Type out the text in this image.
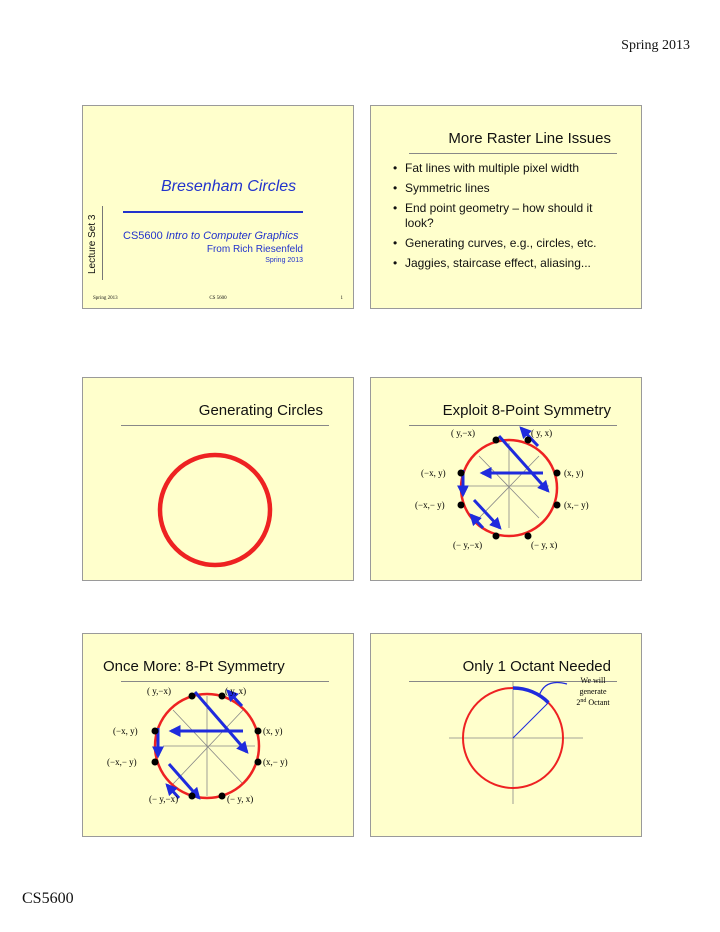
Spring 2013
Bresenham Circles
Lecture Set 3 CS5600 Intro to Computer Graphics
From Rich Riesenfeld
Spring 2013
Spring 2013	CS 5600	1
More Raster Line Issues
• Fat lines with multiple pixel width
• Symmetric lines
• End point geometry – how should it look?
• Generating curves, e.g., circles, etc.
• Jaggies, staircase effect, aliasing...
Generating Circles	Exploit 8-Point Symmetry
( y,−x)	( y, x)
(−x, y)	(x, y)
(−x,− y)	(x,− y)
(− y,−x)	(− y, x)
Once More: 8-Pt Symmetry
( y,−x)	( y, x)
(−x, y)	(x, y)
(−x,− y)	(x,− y)
(− y,−x)	(− y, x)
Only 1 Octant Needed
We will
generate
2nd Octant
CS5600
